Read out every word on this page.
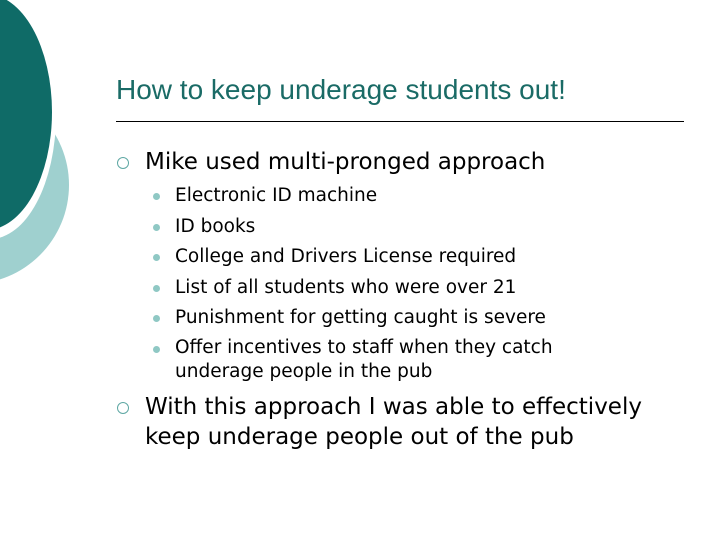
How to keep underage students out!
Mike used multi-pronged approach
Electronic ID machine
ID books
College and Drivers License required
List of all students who were over 21
Punishment for getting caught is severe
Offer incentives to staff when they catch underage people in the pub
With this approach I was able to effectively keep underage people out of the pub
